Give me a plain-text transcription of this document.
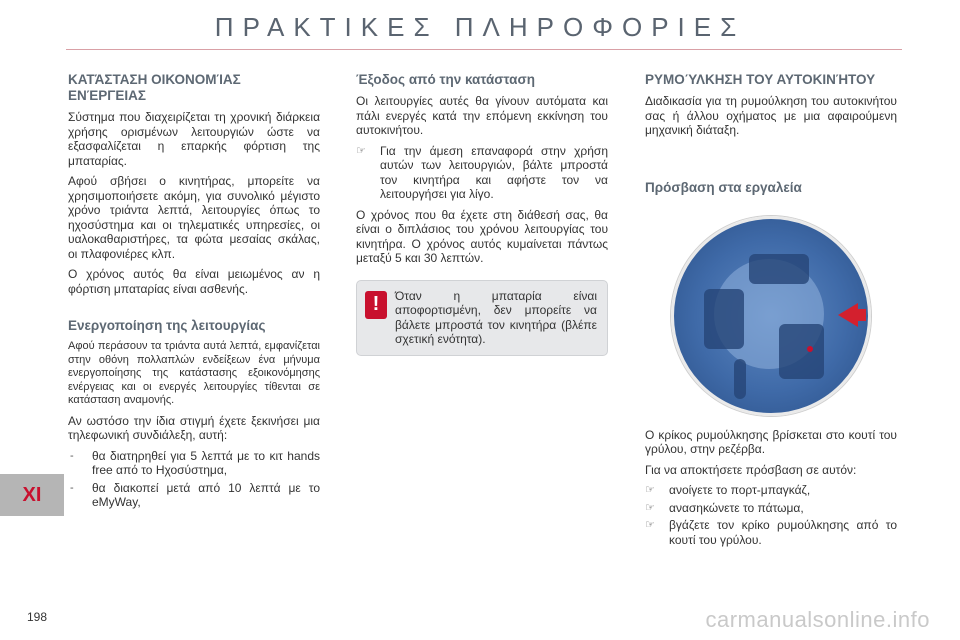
ΠΡΑΚΤΙΚΕΣ ΠΛΗΡΟΦΟΡΙΕΣ
ΚΑΤΆΣΤΑΣΗ ΟΙΚΟΝΟΜΊΑΣ ΕΝΈΡΓΕΙΑΣ

Σύστημα που διαχειρίζεται τη χρονική διάρκεια χρήσης ορισμένων λειτουργιών ώστε να εξασφαλίζεται η επαρκής φόρτιση της μπαταρίας.

Αφού σβήσει ο κινητήρας, μπορείτε να χρησιμοποιήσετε ακόμη, για συνολικό μέγιστο χρόνο τριάντα λεπτά, λειτουργίες όπως το ηχοσύστημα και οι τηλεματικές υπηρεσίες, οι υαλοκαθαριστήρες, τα φώτα μεσαίας σκάλας, οι πλαφονιέρες κλπ.

Ο χρόνος αυτός θα είναι μειωμένος αν η φόρτιση μπαταρίας είναι ασθενής.

Ενεργοποίηση της λειτουργίας

Αφού περάσουν τα τριάντα αυτά λεπτά, εμφανίζεται στην οθόνη πολλαπλών ενδείξεων ένα μήνυμα ενεργοποίησης της κατάστασης εξοικονόμησης ενέργειας και οι ενεργές λειτουργίες τίθενται σε κατάσταση αναμονής.

Αν ωστόσο την ίδια στιγμή έχετε ξεκινήσει μια τηλεφωνική συνδιάλεξη, αυτή:

- θα διατηρηθεί για 5 λεπτά με το κιτ hands free από το Ηχοσύστημα,
- θα διακοπεί μετά από 10 λεπτά με το eMyWay,
Έξοδος από την κατάσταση

Οι λειτουργίες αυτές θα γίνουν αυτόματα και πάλι ενεργές κατά την επόμενη εκκίνηση του αυτοκινήτου.

☞ Για την άμεση επαναφορά στην χρήση αυτών των λειτουργιών, βάλτε μπροστά τον κινητήρα και αφήστε τον να λειτουργήσει για λίγο.

Ο χρόνος που θα έχετε στη διάθεσή σας, θα είναι ο διπλάσιος του χρόνου λειτουργίας του κινητήρα. Ο χρόνος αυτός κυμαίνεται πάντως μεταξύ 5 και 30 λεπτών.

!	Όταν η μπαταρία είναι αποφορτισμένη, δεν μπορείτε να βάλετε μπροστά τον κινητήρα (βλέπε σχετική ενότητα).

ΡΥΜΟΎΛΚΗΣΗ ΤΟΥ ΑΥΤΟΚΙΝΉΤΟΥ

Διαδικασία για τη ρυμούλκηση του αυτοκινήτου σας ή άλλου οχήματος με μια αφαιρούμενη μηχανική διάταξη.

Πρόσβαση στα εργαλεία

Ο κρίκος ρυμούλκησης βρίσκεται στο κουτί του γρύλου, στην ρεζέρβα.

Για να αποκτήσετε πρόσβαση σε αυτόν:

☞ ανοίγετε το πορτ-μπαγκάζ,
☞ ανασηκώνετε το πάτωμα,
☞ βγάζετε τον κρίκο ρυμούλκησης από το κουτί του γρύλου.
XI
198	carmanualsonline.info
